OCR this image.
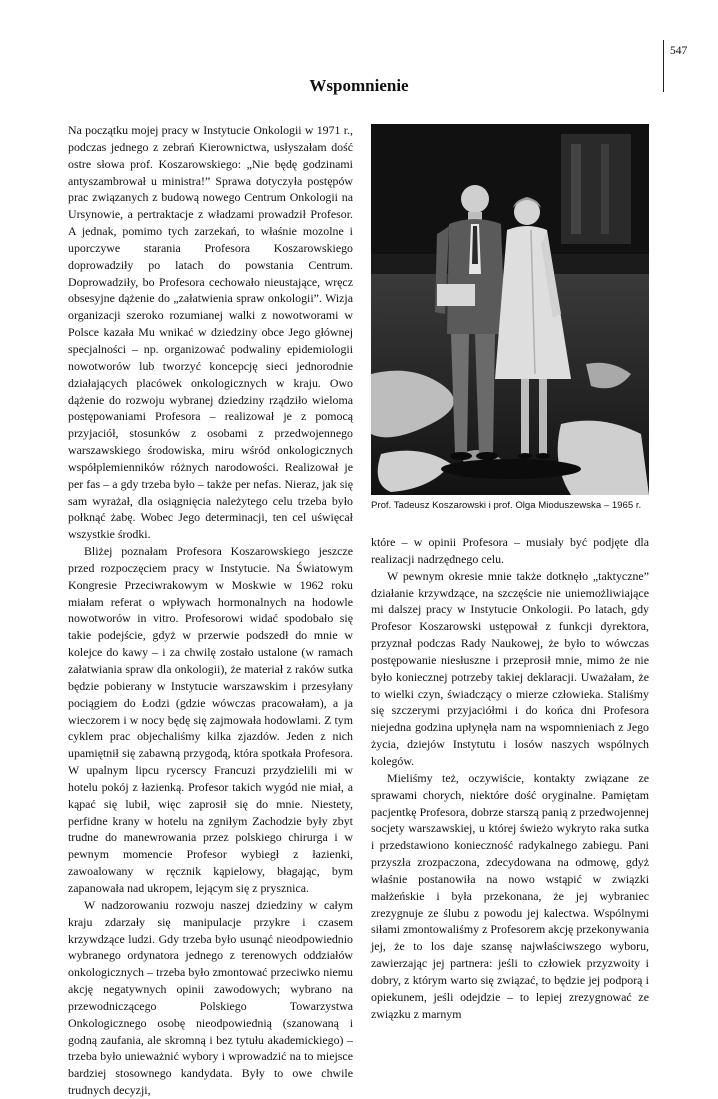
547
Wspomnienie

Na początku mojej pracy w Instytucie Onkologii w 1971 r., podczas jednego z zebrań Kierownictwa, usłyszałam dość ostre słowa prof. Koszarowskiego: „Nie będę godzinami antyszambrował u ministra!” Sprawa dotyczyła postępów prac związanych z budową nowego Centrum Onkologii na Ursynowie, a pertraktacje z władzami prowadził Profesor. A jednak, pomimo tych zarzekań, to właśnie mozolne i uporczywe starania Profesora Koszarowskiego doprowadziły po latach do powstania Centrum. Doprowadziły, bo Profesora cechowało nieustające, wręcz obsesyjne dążenie do „załatwienia spraw onkologii”. Wizja organizacji szeroko rozumianej walki z nowotworami w Polsce kazała Mu wnikać w dziedziny obce Jego głównej specjalności – np. organizować podwaliny epidemiologii nowotworów lub tworzyć koncepcję sieci jednorodnie działających placówek onkologicznych w kraju. Owo dążenie do rozwoju wybranej dziedziny rządziło wieloma postępowaniami Profesora – realizował je z pomocą przyjaciół, stosunków z osobami z przedwojennego warszawskiego środowiska, miru wśród onkologicznych współplemienników różnych narodowości. Realizował je per fas – a gdy trzeba było – także per nefas. Nieraz, jak się sam wyrażał, dla osiągnięcia należytego celu trzeba było połknąć żabę. Wobec Jego determinacji, ten cel uświęcał wszystkie środki.

Bliżej poznałam Profesora Koszarowskiego jeszcze przed rozpoczęciem pracy w Instytucie. Na Światowym Kongresie Przeciwrakowym w Moskwie w 1962 roku miałam referat o wpływach hormonalnych na hodowle nowotworów in vitro. Profesorowi widać spodobało się takie podejście, gdyż w przerwie podszedł do mnie w kolejce do kawy – i za chwilę zostało ustalone (w ramach załatwiania spraw dla onkologii), że materiał z raków sutka będzie pobierany w Instytucie warszawskim i przesyłany pociągiem do Łodzi (gdzie wówczas pracowałam), a ja wieczorem i w nocy będę się zajmowała hodowlami. Z tym cyklem prac objechaliśmy kilka zjazdów. Jeden z nich upamiętnił się zabawną przygodą, która spotkała Profesora. W upalnym lipcu rycerscy Francuzi przydzielili mi w hotelu pokój z łazienką. Profesor takich wygód nie miał, a kąpać się lubił, więc zaprosił się do mnie. Niestety, perfidne krany w hotelu na zgniłym Zachodzie były zbyt trudne do manewrowania przez polskiego chirurga i w pewnym momencie Profesor wybiegł z łazienki, zawoalowany w ręcznik kąpielowy, błagając, bym zapanowała nad ukropem, lejącym się z prysznica.

W nadzorowaniu rozwoju naszej dziedziny w całym kraju zdarzały się manipulacje przykre i czasem krzywdzące ludzi. Gdy trzeba było usunąć nieodpowiednio wybranego ordynatora jednego z terenowych oddziałów onkologicznych – trzeba było zmontować przeciwko niemu akcję negatywnych opinii zawodowych; wybrano na przewodniczącego Polskiego Towarzystwa Onkologicznego osobę nieodpowiednią (szanowaną i godną zaufania, ale skromną i bez tytułu akademickiego) – trzeba było unieważnić wybory i wprowadzić na to miejsce bardziej stosownego kandydata. Były to owe chwile trudnych decyzji,

Prof. Tadeusz Koszarowski i prof. Olga Mioduszewska – 1965 r.

które – w opinii Profesora – musiały być podjęte dla realizacji nadrzędnego celu.

W pewnym okresie mnie także dotknęło „taktyczne” działanie krzywdzące, na szczęście nie uniemożliwiające mi dalszej pracy w Instytucie Onkologii. Po latach, gdy Profesor Koszarowski ustępował z funkcji dyrektora, przyznał podczas Rady Naukowej, że było to wówczas postępowanie niesłuszne i przeprosił mnie, mimo że nie było koniecznej potrzeby takiej deklaracji. Uważałam, że to wielki czyn, świadczący o mierze człowieka. Staliśmy się szczerymi przyjaciółmi i do końca dni Profesora niejedna godzina upłynęła nam na wspomnieniach z Jego życia, dziejów Instytutu i losów naszych wspólnych kolegów.

Mieliśmy też, oczywiście, kontakty związane ze sprawami chorych, niektóre dość oryginalne. Pamiętam pacjentkę Profesora, dobrze starszą panią z przedwojennej socjety warszawskiej, u której świeżo wykryto raka sutka i przedstawiono konieczność radykalnego zabiegu. Pani przyszła zrozpaczona, zdecydowana na odmowę, gdyż właśnie postanowiła na nowo wstąpić w związki małżeńskie i była przekonana, że jej wybraniec zrezygnuje ze ślubu z powodu jej kalectwa. Wspólnymi siłami zmontowaliśmy z Profesorem akcję przekonywania jej, że to los daje szansę najwłaściwszego wyboru, zawierzając jej partnera: jeśli to człowiek przyzwoity i dobry, z którym warto się związać, to będzie jej podporą i opiekunem, jeśli odejdzie – to lepiej zrezygnować ze związku z marnym
